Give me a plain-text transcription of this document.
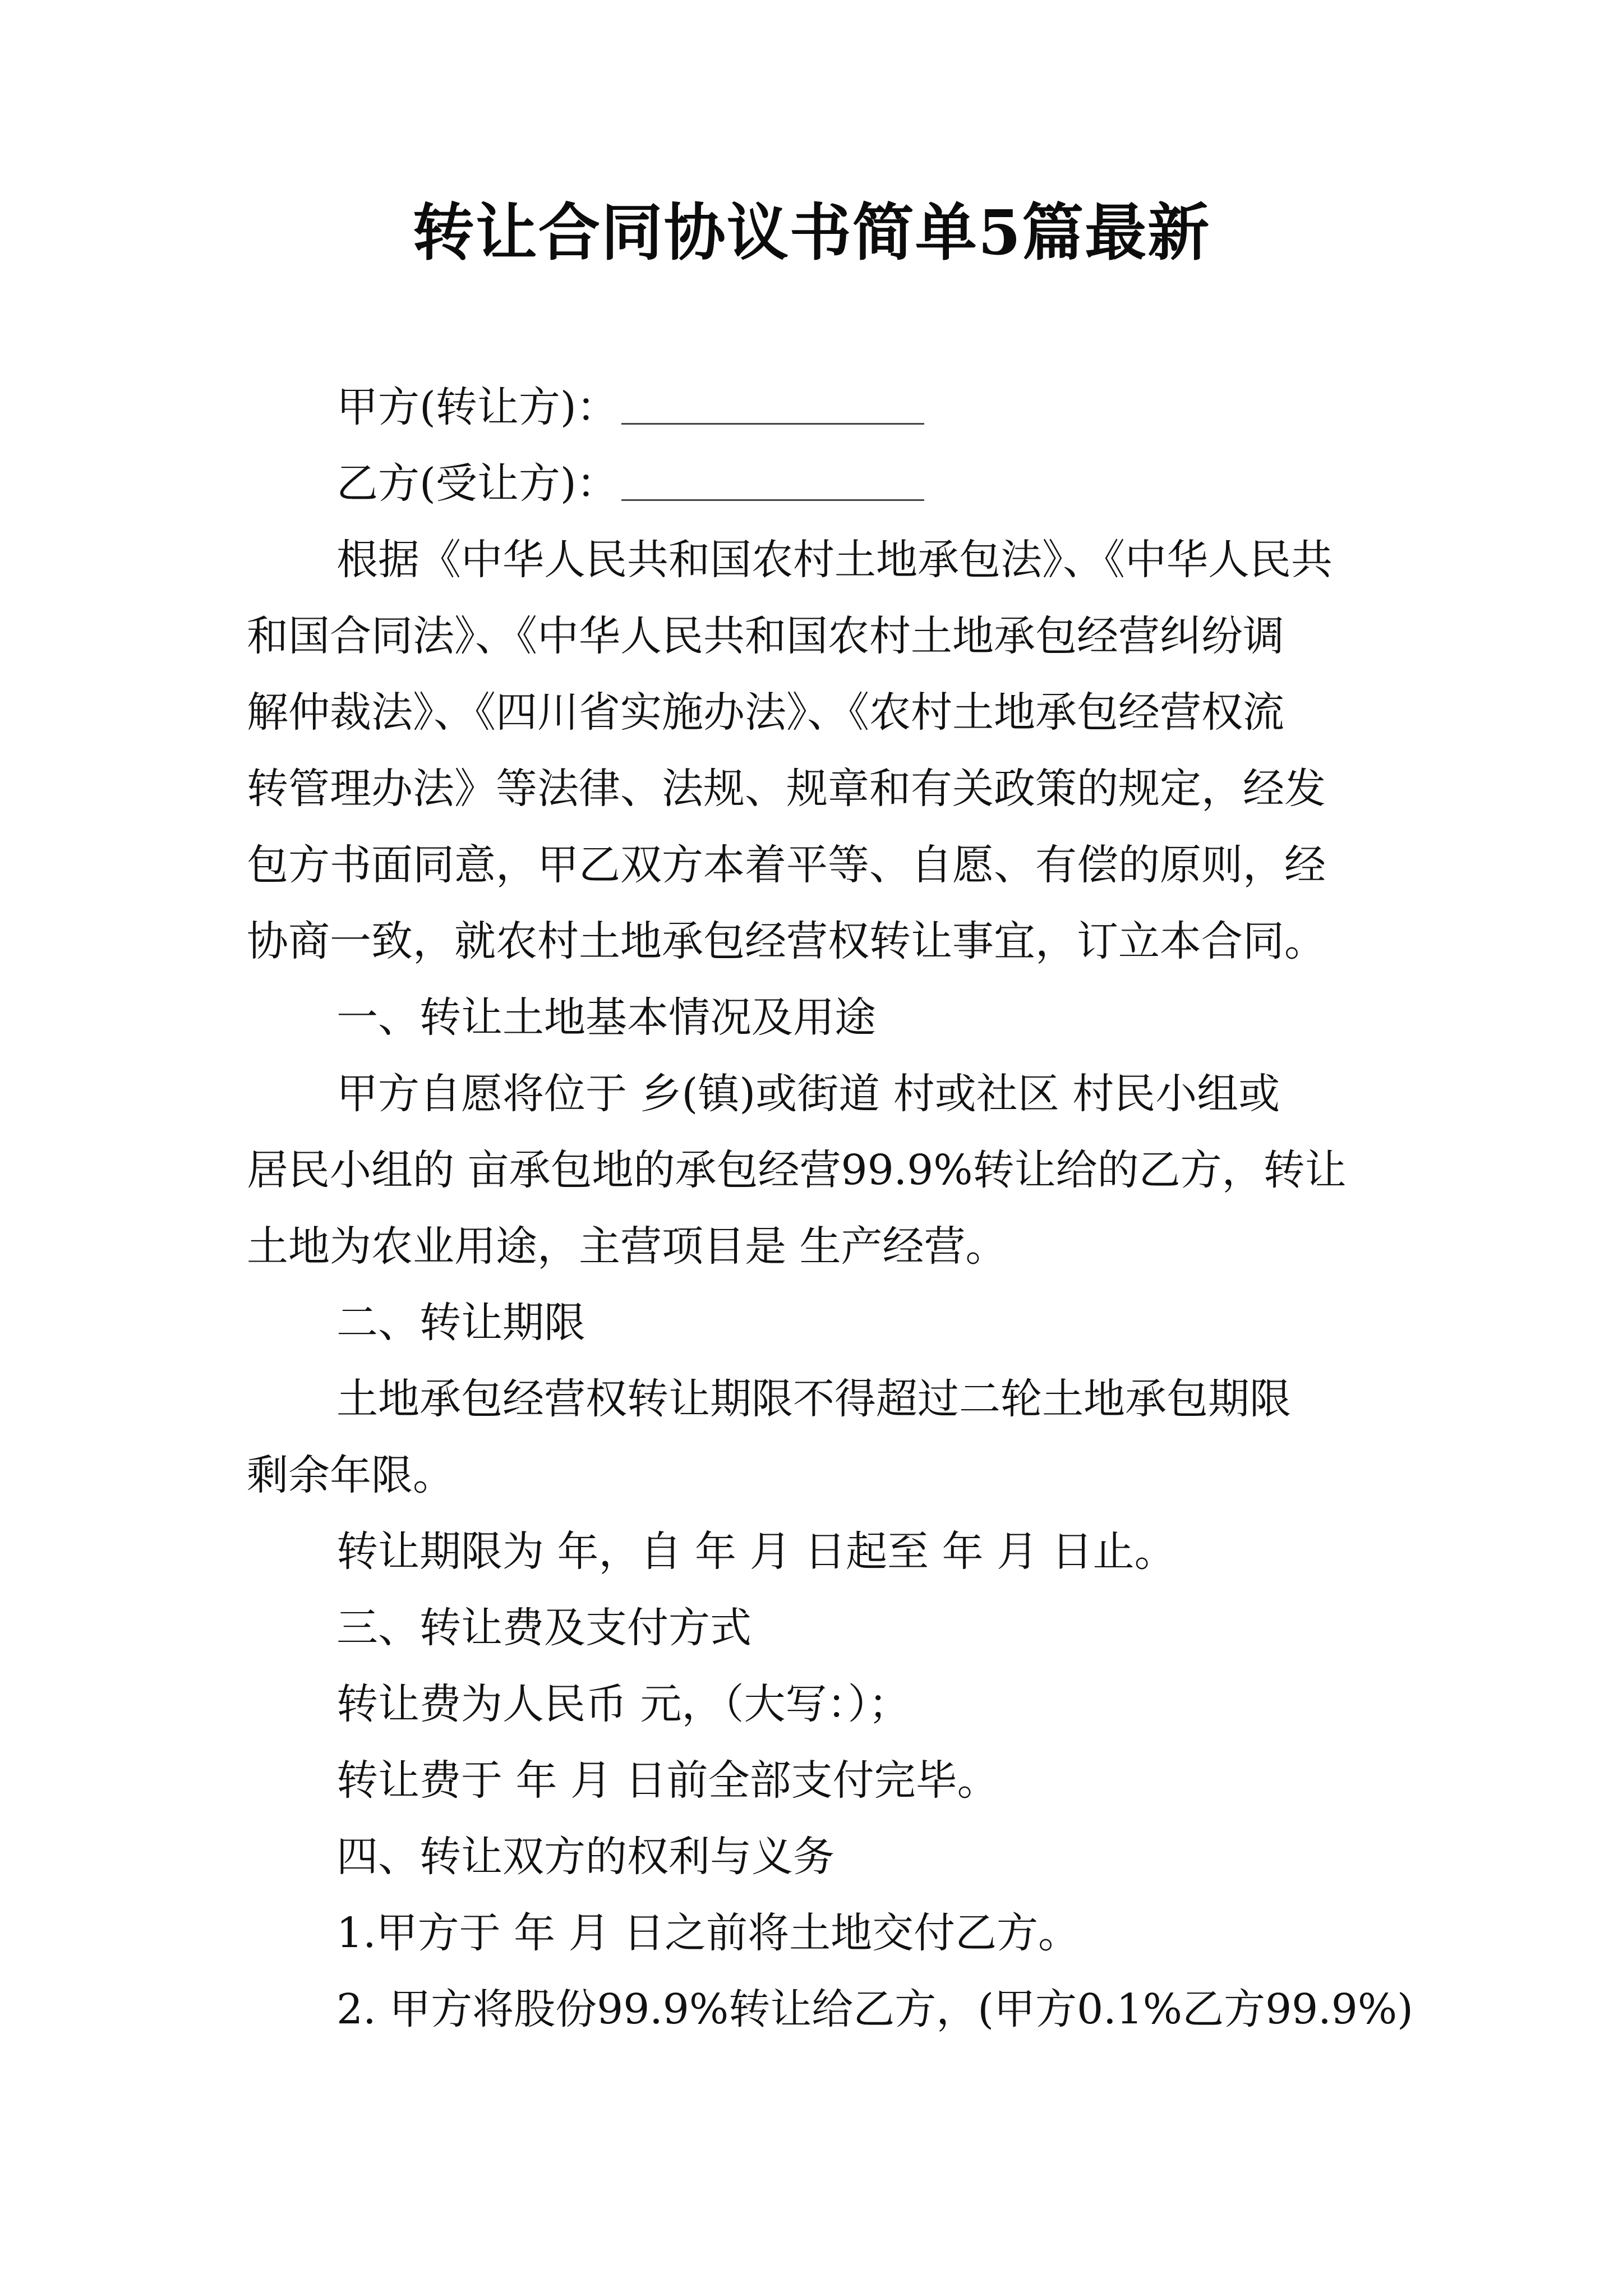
转让合同协议书简单5篇最新
甲方(转让方)：
乙方(受让方)：
根据《中华人民共和国农村土地承包法》、《中华人民共
和国合同法》、《中华人民共和国农村土地承包经营纠纷调
解仲裁法》、《四川省实施办法》、《农村土地承包经营权流
转管理办法》等法律、法规、规章和有关政策的规定，经发
包方书面同意，甲乙双方本着平等、自愿、有偿的原则，经
协商一致，就农村土地承包经营权转让事宜，订立本合同。
一、转让土地基本情况及用途
甲方自愿将位于 乡(镇)或街道 村或社区 村民小组或
居民小组的 亩承包地的承包经营99.9%转让给的乙方，转让
土地为农业用途，主营项目是 生产经营。
二、转让期限
土地承包经营权转让期限不得超过二轮土地承包期限
剩余年限。
转让期限为 年，自 年 月 日起至 年 月 日止。
三、转让费及支付方式
转让费为人民币 元，（大写：）；
转让费于 年 月 日前全部支付完毕。
四、转让双方的权利与义务
1.甲方于 年 月 日之前将土地交付乙方。
2. 甲方将股份99.9%转让给乙方，(甲方0.1%乙方99.9%)
